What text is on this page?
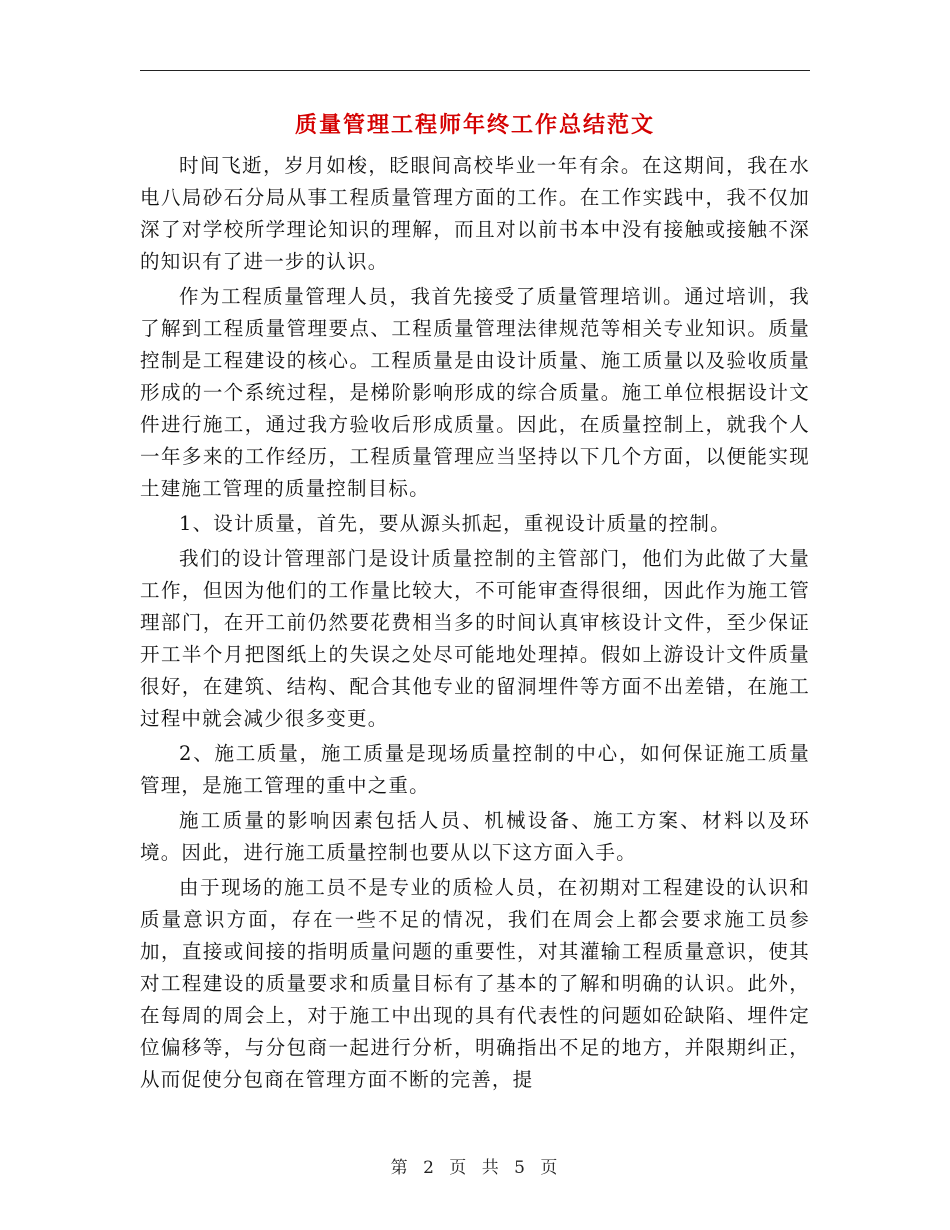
质量管理工程师年终工作总结范文

时间飞逝，岁月如梭，眨眼间高校毕业一年有余。在这期间，我在水电八局砂石分局从事工程质量管理方面的工作。在工作实践中，我不仅加深了对学校所学理论知识的理解，而且对以前书本中没有接触或接触不深的知识有了进一步的认识。

作为工程质量管理人员，我首先接受了质量管理培训。通过培训，我了解到工程质量管理要点、工程质量管理法律规范等相关专业知识。质量控制是工程建设的核心。工程质量是由设计质量、施工质量以及验收质量形成的一个系统过程，是梯阶影响形成的综合质量。施工单位根据设计文件进行施工，通过我方验收后形成质量。因此，在质量控制上，就我个人一年多来的工作经历，工程质量管理应当坚持以下几个方面，以便能实现土建施工管理的质量控制目标。

1、设计质量，首先，要从源头抓起，重视设计质量的控制。

我们的设计管理部门是设计质量控制的主管部门，他们为此做了大量工作，但因为他们的工作量比较大，不可能审查得很细，因此作为施工管理部门，在开工前仍然要花费相当多的时间认真审核设计文件，至少保证开工半个月把图纸上的失误之处尽可能地处理掉。假如上游设计文件质量很好，在建筑、结构、配合其他专业的留洞埋件等方面不出差错，在施工过程中就会减少很多变更。

2、施工质量，施工质量是现场质量控制的中心，如何保证施工质量管理，是施工管理的重中之重。

施工质量的影响因素包括人员、机械设备、施工方案、材料以及环境。因此，进行施工质量控制也要从以下这方面入手。

由于现场的施工员不是专业的质检人员，在初期对工程建设的认识和质量意识方面，存在一些不足的情况，我们在周会上都会要求施工员参加，直接或间接的指明质量问题的重要性，对其灌输工程质量意识，使其对工程建设的质量要求和质量目标有了基本的了解和明确的认识。此外，在每周的周会上，对于施工中出现的具有代表性的问题如砼缺陷、埋件定位偏移等，与分包商一起进行分析，明确指出不足的地方，并限期纠正，从而促使分包商在管理方面不断的完善，提

第 2 页 共 5 页
